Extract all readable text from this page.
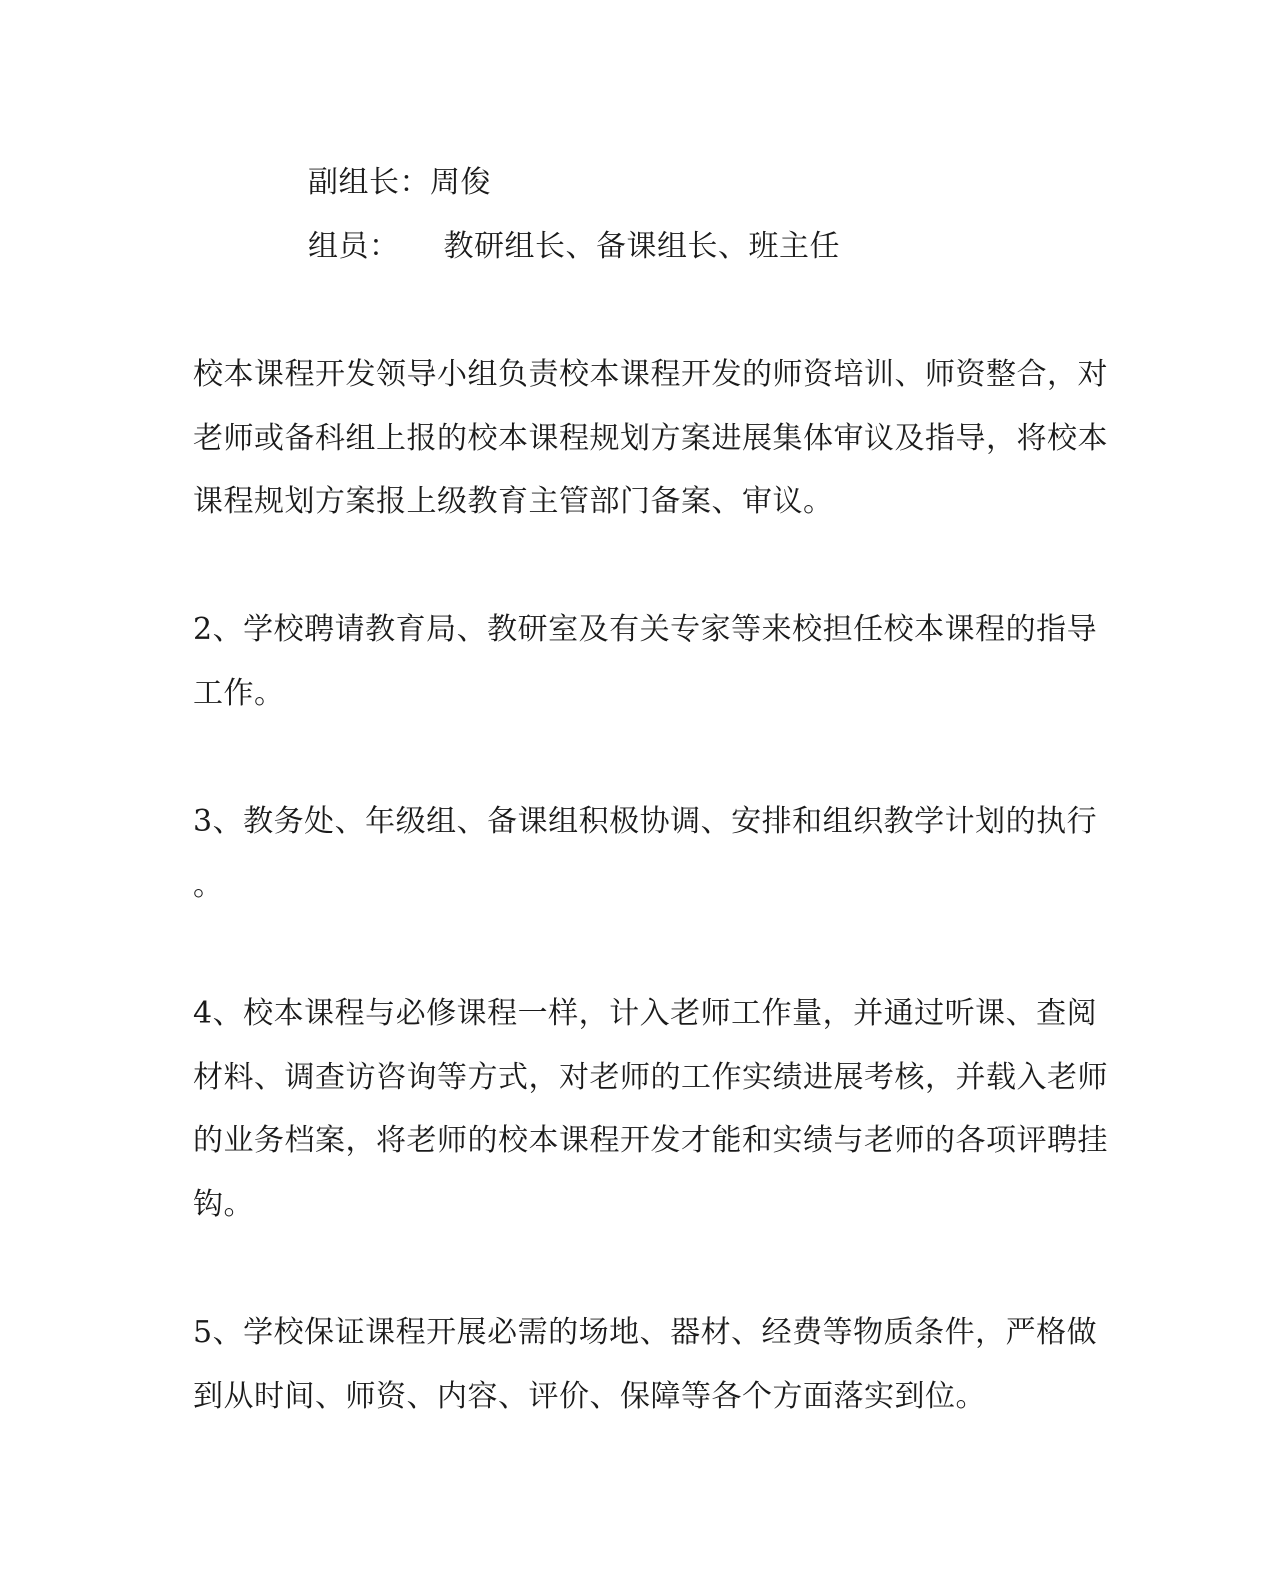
副组长：周俊
组员： 教研组长、备课组长、班主任
校本课程开发领导小组负责校本课程开发的师资培训、师资整合，对
老师或备科组上报的校本课程规划方案进展集体审议及指导，将校本
课程规划方案报上级教育主管部门备案、审议。
2、学校聘请教育局、教研室及有关专家等来校担任校本课程的指导
工作。
3、教务处、年级组、备课组积极协调、安排和组织教学计划的执行
。
4、校本课程与必修课程一样，计入老师工作量，并通过听课、查阅
材料、调查访咨询等方式，对老师的工作实绩进展考核，并载入老师
的业务档案，将老师的校本课程开发才能和实绩与老师的各项评聘挂
钩。
5、学校保证课程开展必需的场地、器材、经费等物质条件，严格做
到从时间、师资、内容、评价、保障等各个方面落实到位。
